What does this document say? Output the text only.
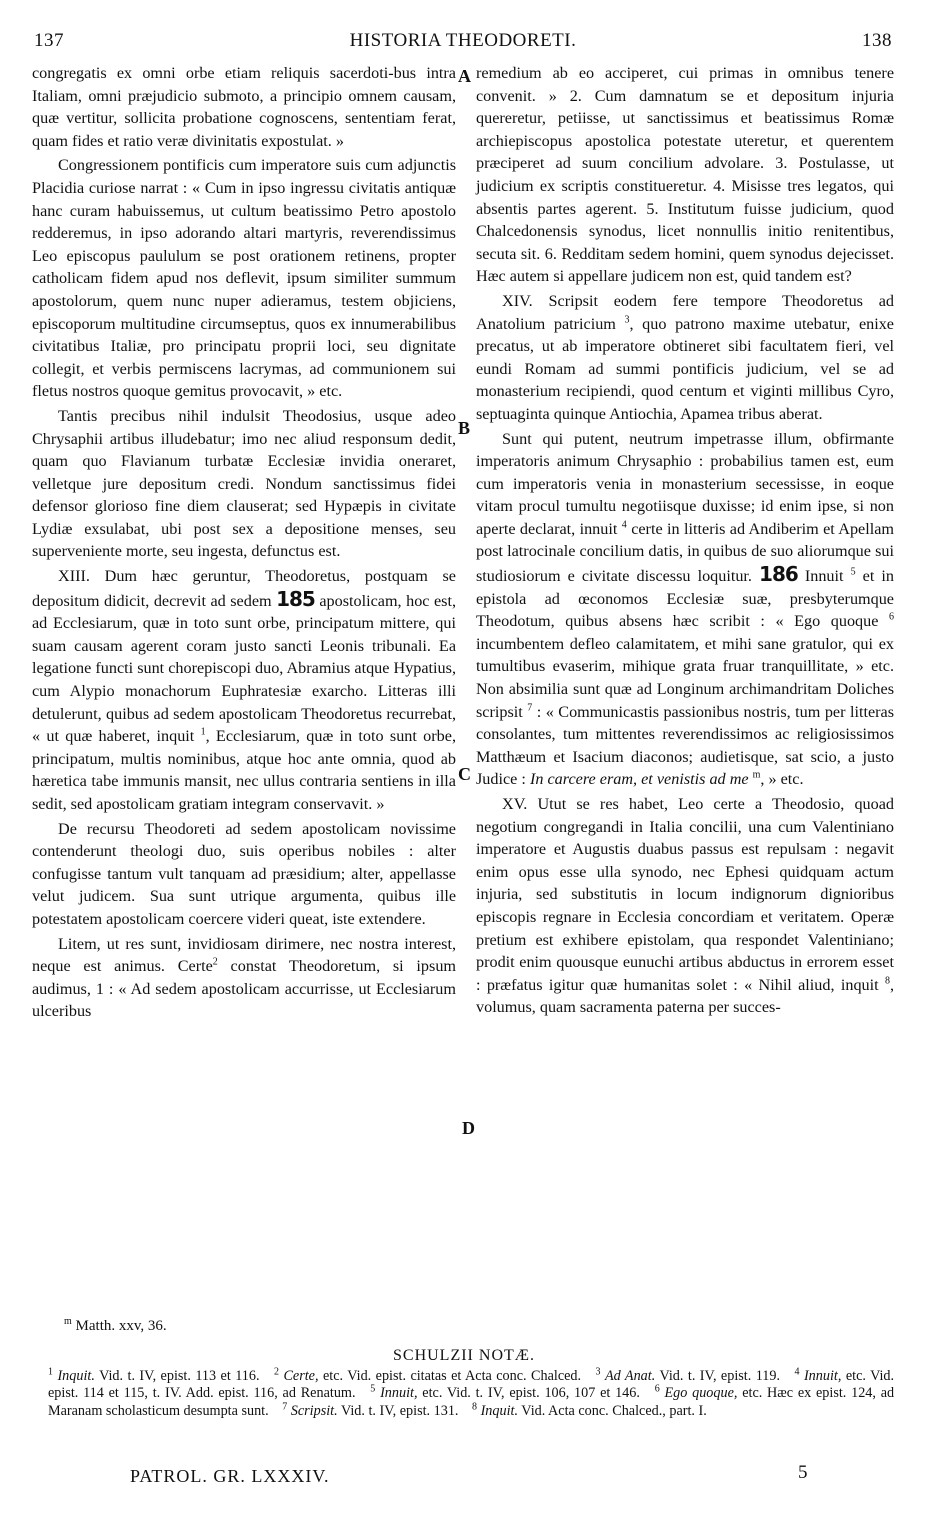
137	HISTORIA THEODORETI.	138
A
B
C
D

congregatis ex omni orbe etiam reliquis sacerdoti-bus intra Italiam, omni præjudicio submoto, a principio omnem causam, quæ vertitur, sollicita probatione cognoscens, sententiam ferat, quam fides et ratio veræ divinitatis expostulat. »

Congressionem pontificis cum imperatore suis cum adjunctis Placidia curiose narrat : « Cum in ipso ingressu civitatis antiquæ hanc curam habuissemus, ut cultum beatissimo Petro apostolo redderemus, in ipso adorando altari martyris, reverendissimus Leo episcopus paululum se post orationem retinens, propter catholicam fidem apud nos deflevit, ipsum similiter summum apostolorum, quem nunc nuper adieramus, testem objiciens, episcoporum multitudine circumseptus, quos ex innumerabilibus civitatibus Italiæ, pro principatu proprii loci, seu dignitate collegit, et verbis permiscens lacrymas, ad communionem sui fletus nostros quoque gemitus provocavit, » etc.

Tantis precibus nihil indulsit Theodosius, usque adeo Chrysaphii artibus illudebatur; imo nec aliud responsum dedit, quam quo Flavianum turbatæ Ecclesiæ invidia oneraret, velletque jure depositum credi. Nondum sanctissimus fidei defensor glorioso fine diem clauserat; sed Hypæpis in civitate Lydiæ exsulabat, ubi post sex a depositione menses, seu superveniente morte, seu ingesta, defunctus est.

XIII. Dum hæc geruntur, Theodoretus, postquam se depositum didicit, decrevit ad sedem 185 apostolicam, hoc est, ad Ecclesiarum, quæ in toto sunt orbe, principatum mittere, qui suam causam agerent coram justo sancti Leonis tribunali. Ea legatione functi sunt chorepiscopi duo, Abramius atque Hypatius, cum Alypio monachorum Euphratesiæ exarcho. Litteras illi detulerunt, quibus ad sedem apostolicam Theodoretus recurrebat, « ut quæ haberet, inquit $^1$, Ecclesiarum, quæ in toto sunt orbe, principatum, multis nominibus, atque hoc ante omnia, quod ab hæretica tabe immunis mansit, nec ullus contraria sentiens in illa sedit, sed apostolicam gratiam integram conservavit. »

De recursu Theodoreti ad sedem apostolicam novissime contenderunt theologi duo, suis operibus nobiles : alter confugisse tantum vult tanquam ad præsidium; alter, appellasse velut judicem. Sua sunt utrique argumenta, quibus ille potestatem apostolicam coercere videri queat, iste extendere.

Litem, ut res sunt, invidiosam dirimere, nec nostra interest, neque est animus. Certe$^2$ constat Theodoretum, si ipsum audimus, 1 : « Ad sedem apostolicam accurrisse, ut Ecclesiarum ulceribus

remedium ab eo acciperet, cui primas in omnibus tenere convenit. » 2. Cum damnatum se et depositum injuria quereretur, petiisse, ut sanctissimus et beatissimus Romæ archiepiscopus apostolica potestate uteretur, et querentem præciperet ad suum concilium advolare. 3. Postulasse, ut judicium ex scriptis constitueretur. 4. Misisse tres legatos, qui absentis partes agerent. 5. Institutum fuisse judicium, quod Chalcedonensis synodus, licet nonnullis initio renitentibus, secuta sit. 6. Redditam sedem homini, quem synodus dejecisset. Hæc autem si appellare judicem non est, quid tandem est?

XIV. Scripsit eodem fere tempore Theodoretus ad Anatolium patricium $^3$, quo patrono maxime utebatur, enixe precatus, ut ab imperatore obtineret sibi facultatem fieri, vel eundi Romam ad summi pontificis judicium, vel se ad monasterium recipiendi, quod centum et viginti millibus Cyro, septuaginta quinque Antiochia, Apamea tribus aberat.

Sunt qui putent, neutrum impetrasse illum, obfirmante imperatoris animum Chrysaphio : probabilius tamen est, eum cum imperatoris venia in monasterium secessisse, in eoque vitam procul tumultu negotiisque duxisse; id enim ipse, si non aperte declarat, innuit $^4$ certe in litteris ad Andiberim et Apellam post latrocinale concilium datis, in quibus de suo aliorumque sui studiosiorum e civitate discessu loquitur. 186 Innuit $^5$ et in epistola ad œconomos Ecclesiæ suæ, presbyterumque Theodotum, quibus absens hæc scribit : « Ego quoque $^6$ incumbentem defleo calamitatem, et mihi sane gratulor, qui ex tumultibus evaserim, mihique grata fruar tranquillitate, » etc. Non absimilia sunt quæ ad Longinum archimandritam Doliches scripsit $^7$ : « Communicastis passionibus nostris, tum per litteras consolantes, tum mittentes reverendissimos ac religiosissimos Matthæum et Isacium diaconos; audietisque, sat scio, a justo Judice : In carcere eram, et venistis ad me $^m$, » etc.

XV. Utut se res habet, Leo certe a Theodosio, quoad negotium congregandi in Italia concilii, una cum Valentiniano imperatore et Augustis duabus passus est repulsam : negavit enim opus esse ulla synodo, nec Ephesi quidquam actum injuria, sed substitutis in locum indignorum dignioribus episcopis regnare in Ecclesia concordiam et veritatem. Operæ pretium est exhibere epistolam, qua respondet Valentiniano; prodit enim quousque eunuchi artibus abductus in errorem esset : præfatus igitur quæ humanitas solet : « Nihil aliud, inquit $^8$, volumus, quam sacramenta paterna per succes-

$^m$ Matth. xxv, 36.
SCHULZII NOTÆ.
$^1$ Inquit. Vid. t. IV, epist. 113 et 116. $^2$ Certe, etc. Vid. epist. citatas et Acta conc. Chalced. $^3$ Ad Anat. Vid. t. IV, epist. 119. $^4$ Innuit, etc. Vid. epist. 114 et 115, t. IV. Add. epist. 116, ad Renatum. $^5$ Innuit, etc. Vid. t. IV, epist. 106, 107 et 146. $^6$ Ego quoque, etc. Hæc ex epist. 124, ad Maranam scholasticum desumpta sunt. $^7$ Scripsit. Vid. t. IV, epist. 131. $^8$ Inquit. Vid. Acta conc. Chalced., part. I.
PATROL. GR. LXXXIV.	5
